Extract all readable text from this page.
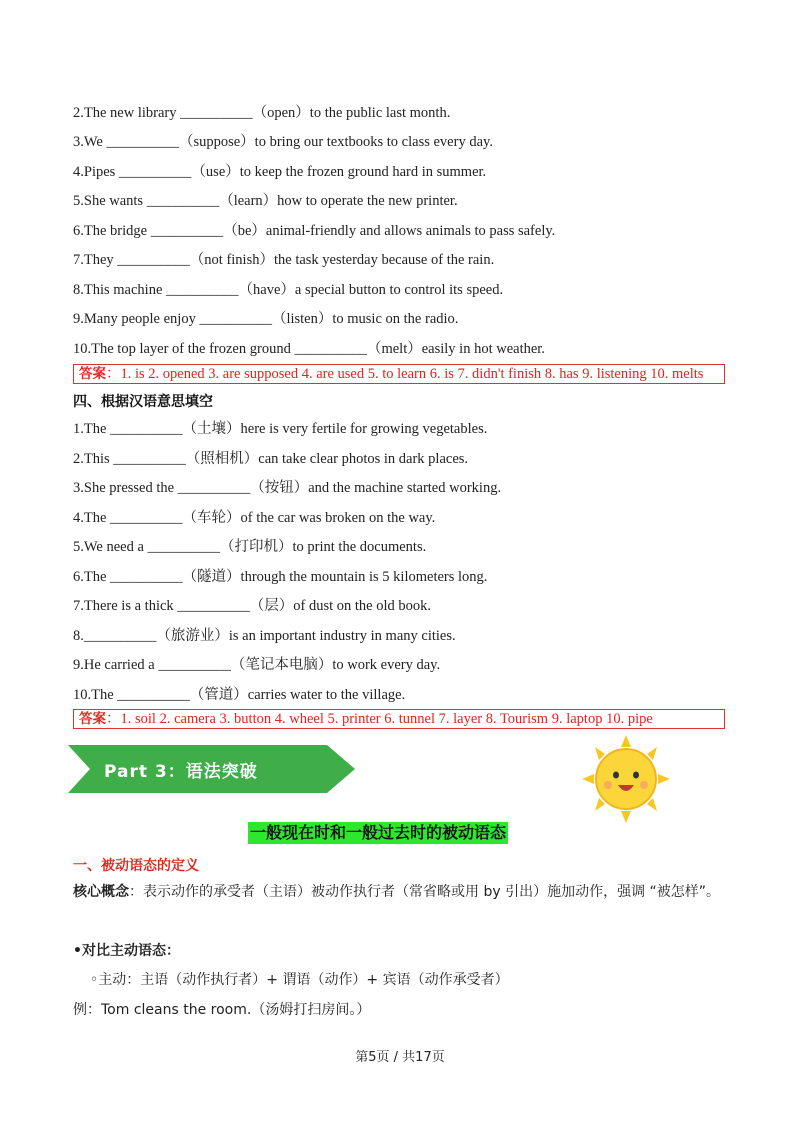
2.The new library __________（open）to the public last month.
3.We __________（suppose）to bring our textbooks to class every day.
4.Pipes __________（use）to keep the frozen ground hard in summer.
5.She wants __________（learn）how to operate the new printer.
6.The bridge __________（be）animal-friendly and allows animals to pass safely.
7.They __________（not finish）the task yesterday because of the rain.
8.This machine __________（have）a special button to control its speed.
9.Many people enjoy __________（listen）to music on the radio.
10.The top layer of the frozen ground __________（melt）easily in hot weather.
答案：1. is 2. opened 3. are supposed 4. are used 5. to learn 6. is 7. didn't finish 8. has 9. listening 10. melts
四、根据汉语意思填空
1.The __________（土壤）here is very fertile for growing vegetables.
2.This __________（照相机）can take clear photos in dark places.
3.She pressed the __________（按钮）and the machine started working.
4.The __________（车轮）of the car was broken on the way.
5.We need a __________（打印机）to print the documents.
6.The __________（隧道）through the mountain is 5 kilometers long.
7.There is a thick __________（层）of dust on the old book.
8.__________（旅游业）is an important industry in many cities.
9.He carried a __________（笔记本电脑）to work every day.
10.The __________（管道）carries water to the village.
答案：1. soil 2. camera 3. button 4. wheel 5. printer 6. tunnel 7. layer 8. Tourism 9. laptop 10. pipe
Part 3：语法突破
一般现在时和一般过去时的被动语态
一、被动语态的定义
核心概念：表示动作的承受者（主语）被动作执行者（常省略或用 by 引出）施加动作，强调 “被怎样”。
•对比主动语态：
◦主动：主语（动作执行者）+ 谓语（动作）+ 宾语（动作承受者）
例：Tom cleans the room.（汤姆打扫房间。）
第5页 / 共17页
